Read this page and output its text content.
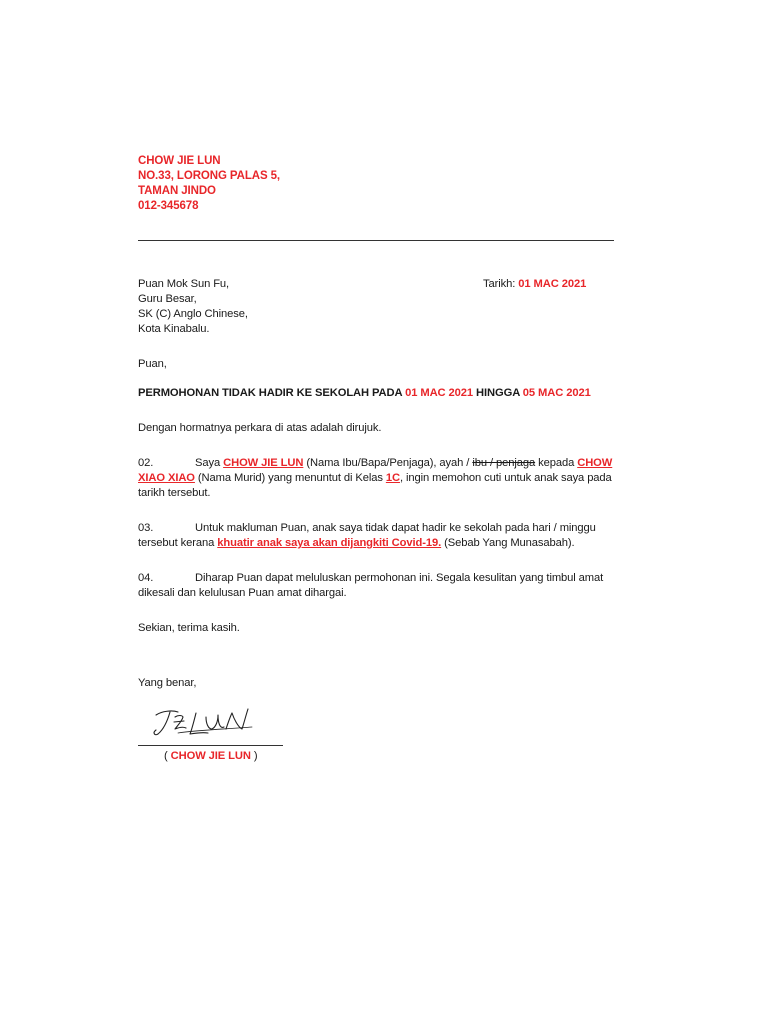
CHOW JIE LUN
NO.33, LORONG PALAS 5,
TAMAN JINDO
012-345678
Puan Mok Sun Fu,
Guru Besar,
SK (C) Anglo Chinese,
Kota Kinabalu.
Tarikh: 01 MAC 2021
Puan,
PERMOHONAN TIDAK HADIR KE SEKOLAH PADA 01 MAC 2021 HINGGA 05 MAC 2021
Dengan hormatnya perkara di atas adalah dirujuk.
02.	Saya CHOW JIE LUN (Nama Ibu/Bapa/Penjaga), ayah / ibu / penjaga kepada CHOW XIAO XIAO (Nama Murid) yang menuntut di Kelas 1C, ingin memohon cuti untuk anak saya pada tarikh tersebut.
03.	Untuk makluman Puan, anak saya tidak dapat hadir ke sekolah pada hari / minggu tersebut kerana khuatir anak saya akan dijangkiti Covid-19. (Sebab Yang Munasabah).
04.	Diharap Puan dapat meluluskan permohonan ini. Segala kesulitan yang timbul amat dikesali dan kelulusan Puan amat dihargai.
Sekian, terima kasih.
Yang benar,
( CHOW JIE LUN )
